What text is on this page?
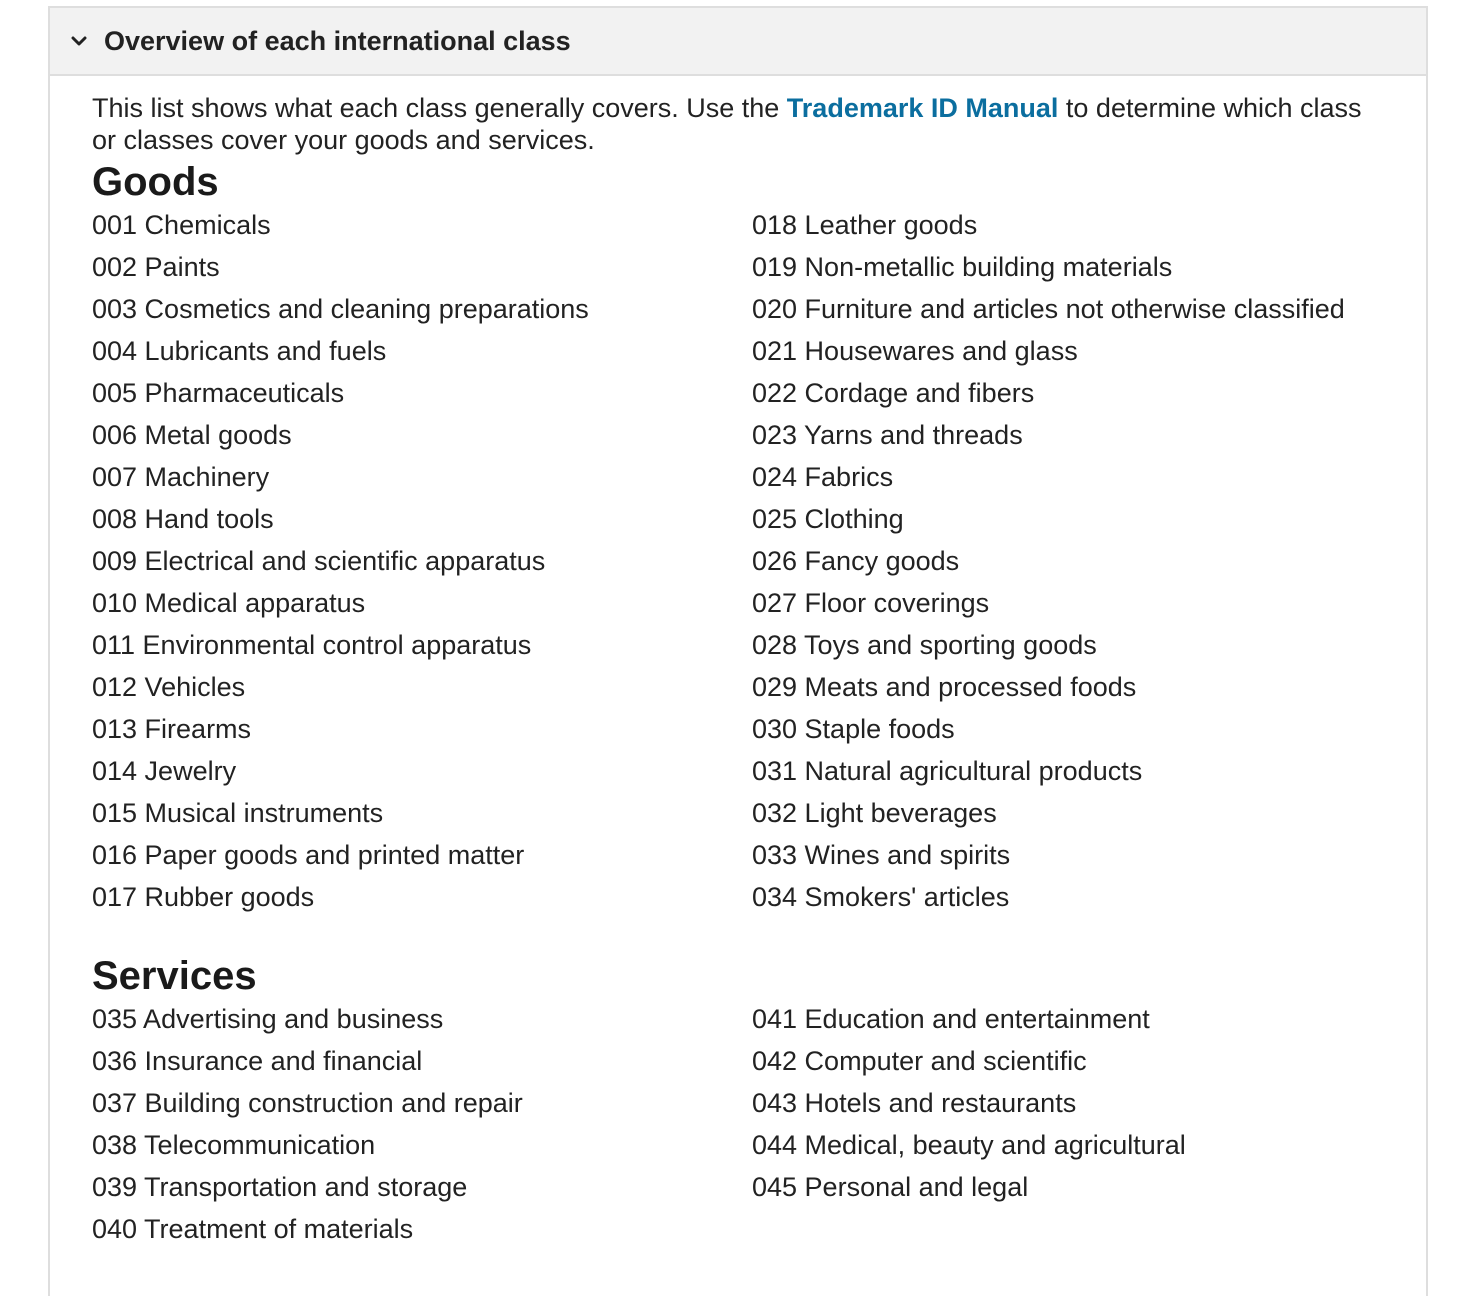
Overview of each international class

This list shows what each class generally covers. Use the Trademark ID Manual to determine which class or classes cover your goods and services.

Goods
001 Chemicals
002 Paints
003 Cosmetics and cleaning preparations
004 Lubricants and fuels
005 Pharmaceuticals
006 Metal goods
007 Machinery
008 Hand tools
009 Electrical and scientific apparatus
010 Medical apparatus
011 Environmental control apparatus
012 Vehicles
013 Firearms
014 Jewelry
015 Musical instruments
016 Paper goods and printed matter
017 Rubber goods
018 Leather goods
019 Non-metallic building materials
020 Furniture and articles not otherwise classified
021 Housewares and glass
022 Cordage and fibers
023 Yarns and threads
024 Fabrics
025 Clothing
026 Fancy goods
027 Floor coverings
028 Toys and sporting goods
029 Meats and processed foods
030 Staple foods
031 Natural agricultural products
032 Light beverages
033 Wines and spirits
034 Smokers' articles
Services
035 Advertising and business
036 Insurance and financial
037 Building construction and repair
038 Telecommunication
039 Transportation and storage
040 Treatment of materials
041 Education and entertainment
042 Computer and scientific
043 Hotels and restaurants
044 Medical, beauty and agricultural
045 Personal and legal
